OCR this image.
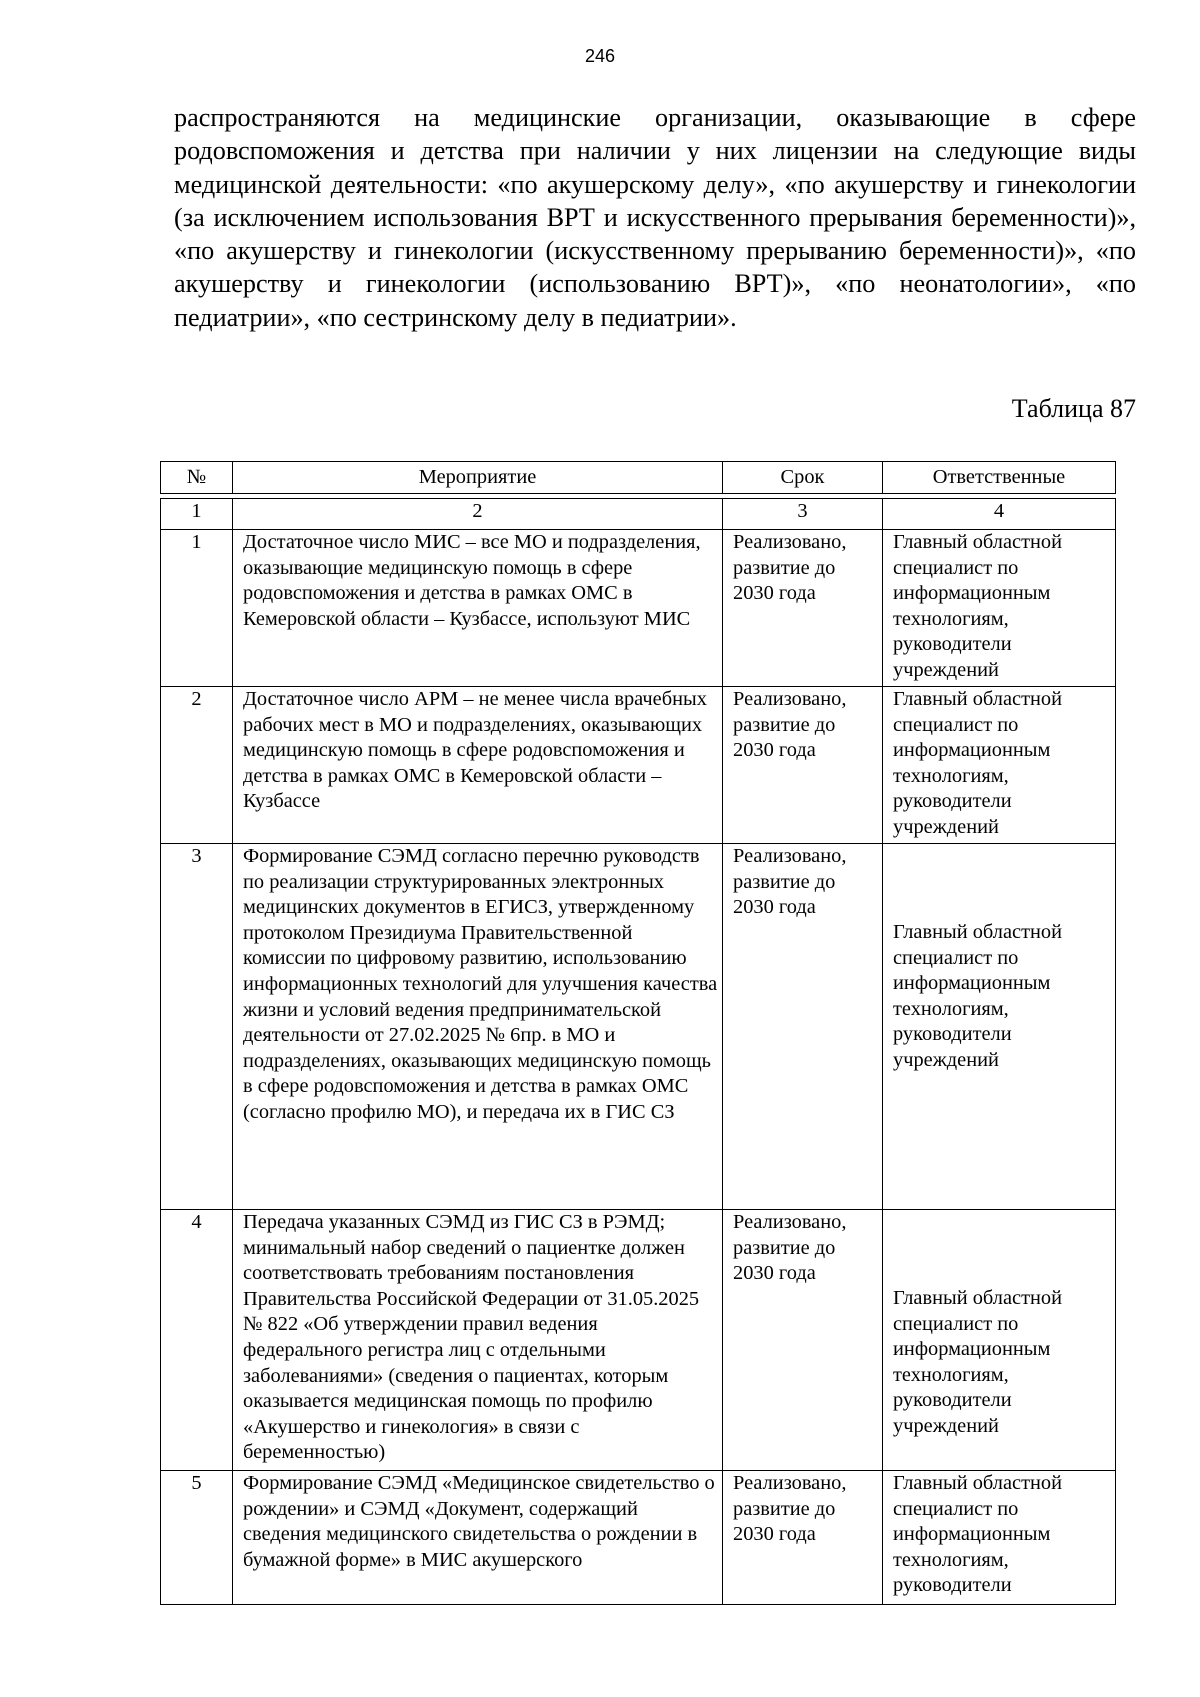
246

распространяются на медицинские организации, оказывающие в сфере родовспоможения и детства при наличии у них лицензии на следующие виды медицинской деятельности: «по акушерскому делу», «по акушерству и гинекологии (за исключением использования ВРТ и искусственного прерывания беременности)», «по акушерству и гинекологии (искусственному прерыванию беременности)», «по акушерству и гинекологии (использованию ВРТ)», «по неонатологии», «по педиатрии», «по сестринскому делу в педиатрии».

Таблица 87
№	Мероприятие	Срок	Ответственные

1	2	3	4
1	Достаточное число МИС – все МО и подразделения, оказывающие медицинскую помощь в сфере родовспоможения и детства в рамках ОМС в Кемеровской области – Кузбассе, используют МИС	Реализовано, развитие до 2030 года	Главный областной специалист по информационным технологиям, руководители учреждений
2	Достаточное число АРМ – не менее числа врачебных рабочих мест в МО и подразделениях, оказывающих медицинскую помощь в сфере родовспоможения и детства в рамках ОМС в Кемеровской области – Кузбассе	Реализовано, развитие до 2030 года	Главный областной специалист по информационным технологиям, руководители учреждений
3	Формирование СЭМД согласно перечню руководств по реализации структурированных электронных медицинских документов в ЕГИСЗ, утвержденному протоколом Президиума Правительственной комиссии по цифровому развитию, использованию информационных технологий для улучшения качества жизни и условий ведения предпринимательской деятельности от 27.02.2025 № 6пр. в МО и подразделениях, оказывающих медицинскую помощь в сфере родовспоможения и детства в рамках ОМС (согласно профилю МО), и передача их в ГИС СЗ	Реализовано, развитие до 2030 года	Главный областной специалист по информационным технологиям, руководители учреждений

4	Передача указанных СЭМД из ГИС СЗ в РЭМД; минимальный набор сведений о пациентке должен соответствовать требованиям постановления Правительства Российской Федерации от 31.05.2025 № 822 «Об утверждении правил ведения федерального регистра лиц с отдельными заболеваниями» (сведения о пациентах, которым оказывается медицинская помощь по профилю «Акушерство и гинекология» в связи с беременностью)	Реализовано, развитие до 2030 года	Главный областной специалист по информационным технологиям, руководители учреждений

5	Формирование СЭМД «Медицинское свидетельство о рождении» и СЭМД «Документ, содержащий сведения медицинского свидетельства о рождении в бумажной форме» в МИС акушерского	Реализовано, развитие до 2030 года	Главный областной специалист по информационным технологиям, руководители
